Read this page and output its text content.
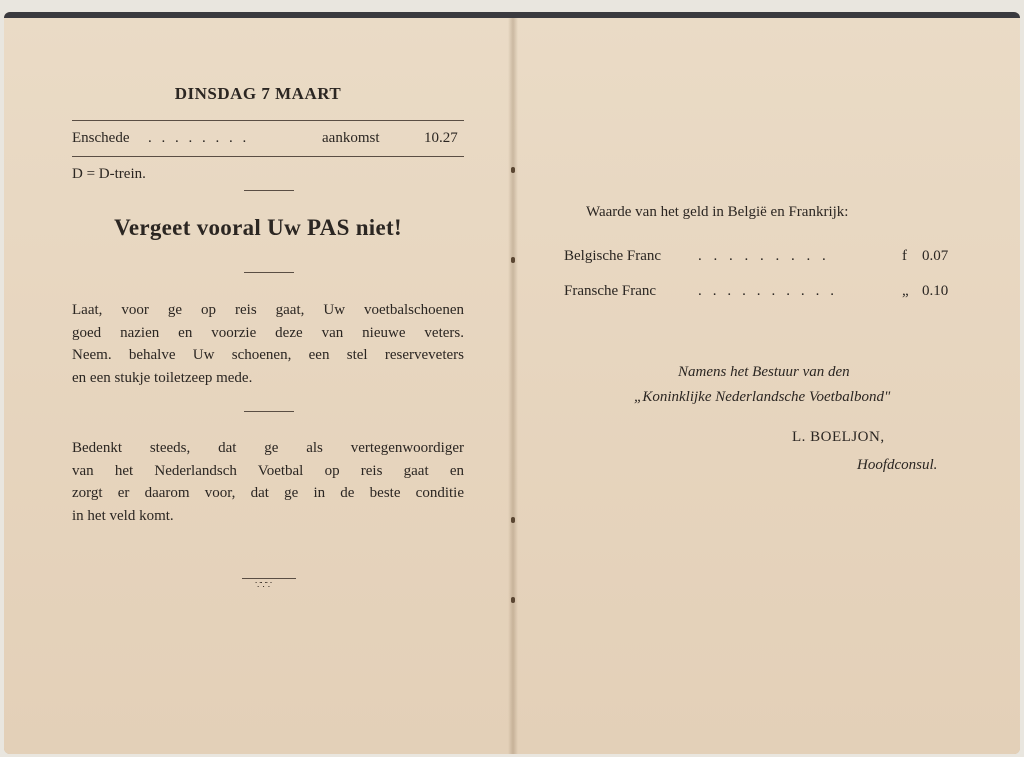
DINSDAG 7 MAART
Enschede . . . . . . . .	aankomst	10.27
D = D-trein.
Vergeet vooral Uw PAS niet!
Laat, voor ge op reis gaat, Uw voetbalschoenen
goed nazien en voorzie deze van nieuwe veters.
Neem. behalve Uw schoenen, een stel reserveveters
en een stukje toiletzeep mede.
Bedenkt steeds, dat ge als vertegenwoordiger
van het Nederlandsch Voetbal op reis gaat en
zorgt er daarom voor, dat ge in de beste conditie
in het veld komt.
∵∵∵
Waarde van het geld in België en Frankrijk:
Belgische Franc . . . . . . . . .	f 0.07
Fransche Franc	. . . . . . . . . .	„ 0.10
Namens het Bestuur van den
„Koninklijke Nederlandsche Voetbalbond"
L. BOELJON,
Hoofdconsul.
